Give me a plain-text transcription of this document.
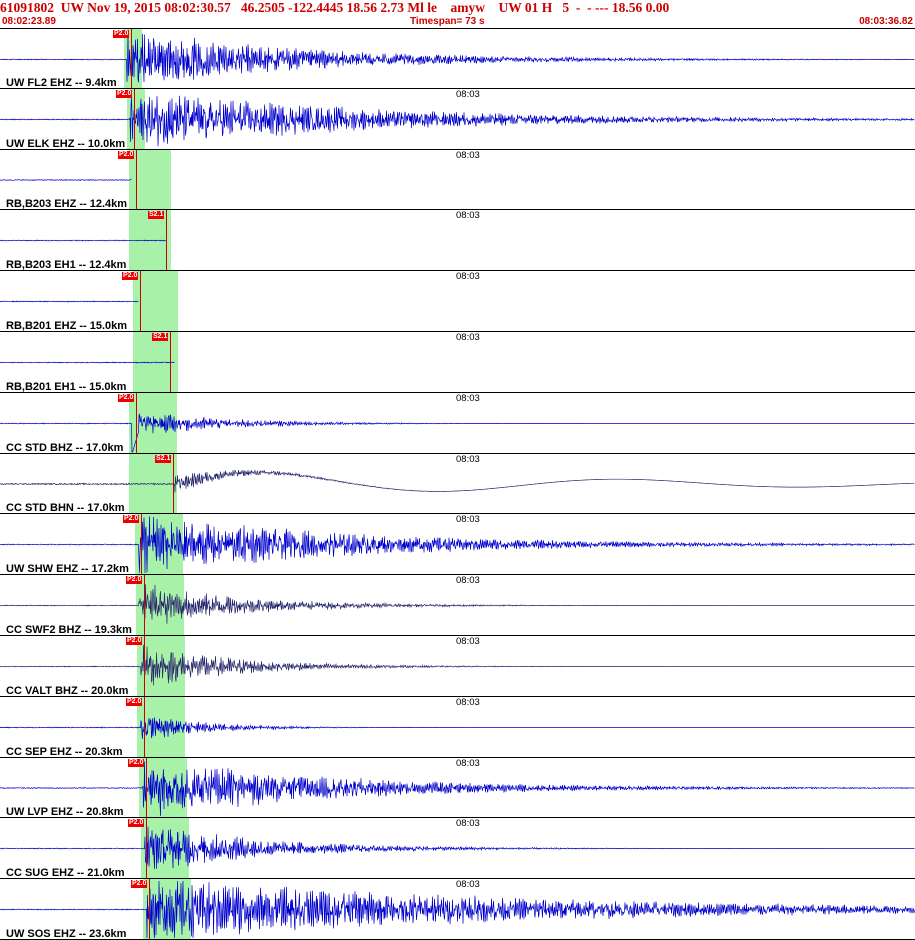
61091802  UW Nov 19, 2015 08:02:30.57   46.2505 -122.4445 18.56 2.73 Ml le    amyw    UW 01 H   5  -  - --- 18.56 0.00
08:02:23.89	Timespan= 73 s	08:03:36.82
P2.0
UW FL2 EHZ -- 9.4km
P2.0	08:03
UW ELK EHZ -- 10.0km
P2.0	08:03
RB,B203 EHZ -- 12.4km
S2.1	08:03
RB,B203 EH1 -- 12.4km
P2.0	08:03
RB,B201 EHZ -- 15.0km
S2.1	08:03
RB,B201 EH1 -- 15.0km
P2.0	08:03
CC STD BHZ -- 17.0km
S2.1	08:03
CC STD BHN -- 17.0km
P2.0	08:03
UW SHW EHZ -- 17.2km
P2.0	08:03
CC SWF2 BHZ -- 19.3km
P2.0	08:03
CC VALT BHZ -- 20.0km
P2.0	08:03
CC SEP EHZ -- 20.3km
P2.0	08:03
UW LVP EHZ -- 20.8km
P2.0	08:03
CC SUG EHZ -- 21.0km
P2.0	08:03
UW SOS EHZ -- 23.6km
